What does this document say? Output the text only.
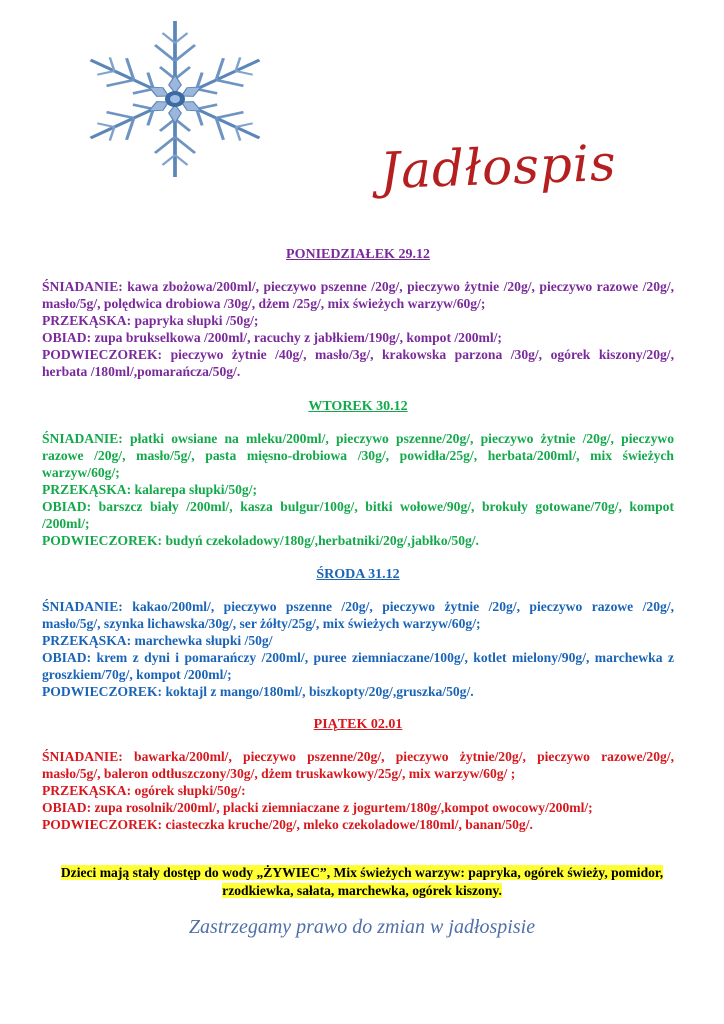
Jadłospis

PONIEDZIAŁEK 29.12

ŚNIADANIE: kawa zbożowa/200ml/, pieczywo pszenne /20g/, pieczywo żytnie /20g/, pieczywo razowe /20g/, masło/5g/, polędwica drobiowa /30g/, dżem /25g/, mix świeżych warzyw/60g/;

PRZEKĄSKA: papryka słupki /50g/;

OBIAD: zupa brukselkowa /200ml/, racuchy z jabłkiem/190g/, kompot /200ml/;

PODWIECZOREK: pieczywo żytnie /40g/, masło/3g/, krakowska parzona /30g/, ogórek kiszony/20g/, herbata /180ml/,pomarańcza/50g/.

WTOREK 30.12

ŚNIADANIE: płatki owsiane na mleku/200ml/, pieczywo pszenne/20g/, pieczywo żytnie /20g/, pieczywo razowe /20g/, masło/5g/, pasta mięsno-drobiowa /30g/, powidła/25g/, herbata/200ml/, mix świeżych warzyw/60g/;

PRZEKĄSKA: kalarepa słupki/50g/;

OBIAD: barszcz biały /200ml/, kasza bulgur/100g/, bitki wołowe/90g/, brokuły gotowane/70g/, kompot /200ml/;

PODWIECZOREK: budyń czekoladowy/180g/,herbatniki/20g/,jabłko/50g/.

ŚRODA 31.12

ŚNIADANIE: kakao/200ml/, pieczywo pszenne /20g/, pieczywo żytnie /20g/, pieczywo razowe /20g/, masło/5g/, szynka lichawska/30g/, ser żółty/25g/, mix świeżych warzyw/60g/;

PRZEKĄSKA: marchewka słupki /50g/

OBIAD: krem z dyni i pomarańczy /200ml/, puree ziemniaczane/100g/, kotlet mielony/90g/, marchewka z groszkiem/70g/, kompot /200ml/;

PODWIECZOREK: koktajl z mango/180ml/, biszkopty/20g/,gruszka/50g/.

PIĄTEK 02.01

ŚNIADANIE: bawarka/200ml/, pieczywo pszenne/20g/, pieczywo żytnie/20g/, pieczywo razowe/20g/, masło/5g/, baleron odtłuszczony/30g/, dżem truskawkowy/25g/, mix warzyw/60g/ ;

PRZEKĄSKA: ogórek słupki/50g/:

OBIAD: zupa rosolnik/200ml/, placki ziemniaczane z jogurtem/180g/,kompot owocowy/200ml/;

PODWIECZOREK: ciasteczka kruche/20g/, mleko czekoladowe/180ml/, banan/50g/.

Dzieci mają stały dostęp do wody „ŻYWIEC”, Mix świeżych warzyw: papryka, ogórek świeży, pomidor, rzodkiewka, sałata, marchewka, ogórek kiszony.
Zastrzegamy prawo do zmian w jadłospisie
